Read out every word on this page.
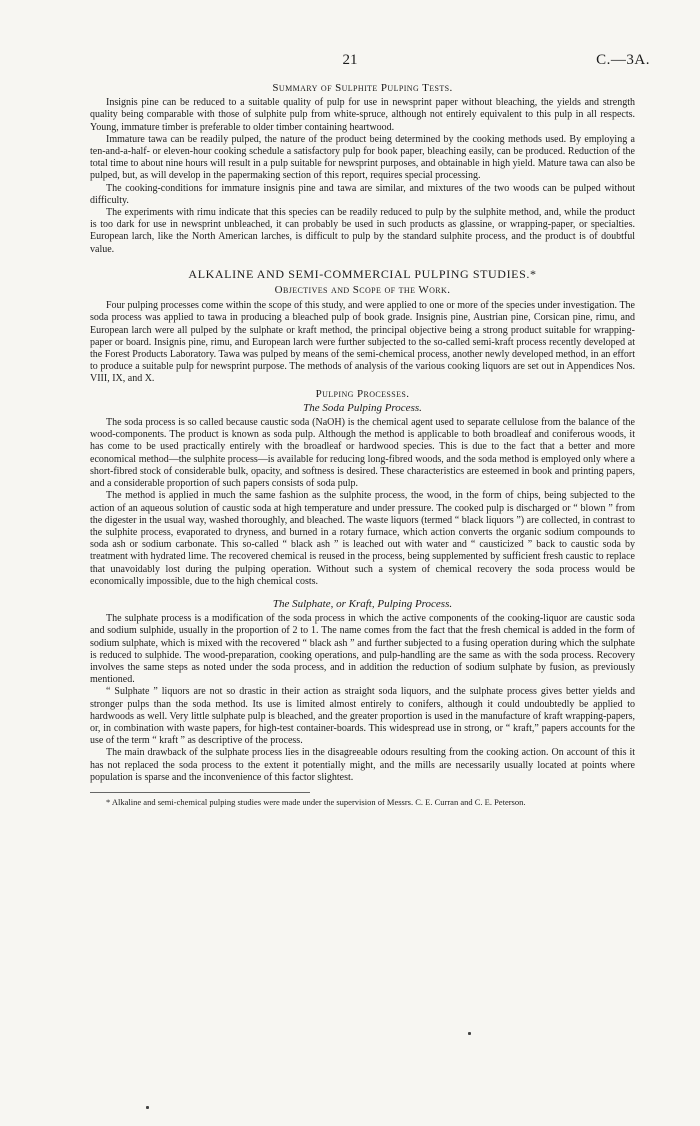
21	C.—3A.
Summary of Sulphite Pulping Tests.

Insignis pine can be reduced to a suitable quality of pulp for use in newsprint paper without bleaching, the yields and strength quality being comparable with those of sulphite pulp from white-spruce, although not entirely equivalent to this pulp in all respects. Young, immature timber is preferable to older timber containing heartwood.

Immature tawa can be readily pulped, the nature of the product being determined by the cooking methods used. By employing a ten-and-a-half- or eleven-hour cooking schedule a satisfactory pulp for book paper, bleaching easily, can be produced. Reduction of the total time to about nine hours will result in a pulp suitable for newsprint purposes, and obtainable in high yield. Mature tawa can also be pulped, but, as will develop in the papermaking section of this report, requires special processing.

The cooking-conditions for immature insignis pine and tawa are similar, and mixtures of the two woods can be pulped without difficulty.

The experiments with rimu indicate that this species can be readily reduced to pulp by the sulphite method, and, while the product is too dark for use in newsprint unbleached, it can probably be used in such products as glassine, or wrapping-paper, or specialties. European larch, like the North American larches, is difficult to pulp by the standard sulphite process, and the product is of doubtful value.

ALKALINE AND SEMI-COMMERCIAL PULPING STUDIES.*
Objectives and Scope of the Work.

Four pulping processes come within the scope of this study, and were applied to one or more of the species under investigation. The soda process was applied to tawa in producing a bleached pulp of book grade. Insignis pine, Austrian pine, Corsican pine, rimu, and European larch were all pulped by the sulphate or kraft method, the principal objective being a strong product suitable for wrapping-paper or board. Insignis pine, rimu, and European larch were further subjected to the so-called semi-kraft process recently developed at the Forest Products Laboratory. Tawa was pulped by means of the semi-chemical process, another newly developed method, in an effort to produce a suitable pulp for newsprint purpose. The methods of analysis of the various cooking liquors are set out in Appendices Nos. VIII, IX, and X.

Pulping Processes.
The Soda Pulping Process.

The soda process is so called because caustic soda (NaOH) is the chemical agent used to separate cellulose from the balance of the wood-components. The product is known as soda pulp. Although the method is applicable to both broadleaf and coniferous woods, it has come to be used practically entirely with the broadleaf or hardwood species. This is due to the fact that a better and more economical method—the sulphite process—is available for reducing long-fibred woods, and the soda method is employed only where a short-fibred stock of considerable bulk, opacity, and softness is desired. These characteristics are esteemed in book and printing papers, and a considerable proportion of such papers consists of soda pulp.

The method is applied in much the same fashion as the sulphite process, the wood, in the form of chips, being subjected to the action of an aqueous solution of caustic soda at high temperature and under pressure. The cooked pulp is discharged or “ blown ” from the digester in the usual way, washed thoroughly, and bleached. The waste liquors (termed “ black liquors ”) are collected, in contrast to the sulphite process, evaporated to dryness, and burned in a rotary furnace, which action converts the organic sodium compounds to soda ash or sodium carbonate. This so-called “ black ash ” is leached out with water and “ causticized ” back to caustic soda by treatment with hydrated lime. The recovered chemical is reused in the process, being supplemented by sufficient fresh caustic to replace that unavoidably lost during the pulping operation. Without such a system of chemical recovery the soda process would be economically impossible, due to the high chemical costs.

The Sulphate, or Kraft, Pulping Process.

The sulphate process is a modification of the soda process in which the active components of the cooking-liquor are caustic soda and sodium sulphide, usually in the proportion of 2 to 1. The name comes from the fact that the fresh chemical is added in the form of sodium sulphate, which is mixed with the recovered “ black ash ” and further subjected to a fusing operation during which the sulphate is reduced to sulphide. The wood-preparation, cooking operations, and pulp-handling are the same as with the soda process. Recovery involves the same steps as noted under the soda process, and in addition the reduction of sodium sulphate by fusion, as previously mentioned.

“ Sulphate ” liquors are not so drastic in their action as straight soda liquors, and the sulphate process gives better yields and stronger pulps than the soda method. Its use is limited almost entirely to conifers, although it could undoubtedly be applied to hardwoods as well. Very little sulphate pulp is bleached, and the greater proportion is used in the manufacture of kraft wrapping-papers, or, in combination with waste papers, for high-test container-boards. This widespread use in strong, or “ kraft,” papers accounts for the use of the term “ kraft ” as descriptive of the process.

The main drawback of the sulphate process lies in the disagreeable odours resulting from the cooking action. On account of this it has not replaced the soda process to the extent it potentially might, and the mills are necessarily usually located at points where population is sparse and the inconvenience of this factor slightest.

* Alkaline and semi-chemical pulping studies were made under the supervision of Messrs. C. E. Curran and C. E. Peterson.
